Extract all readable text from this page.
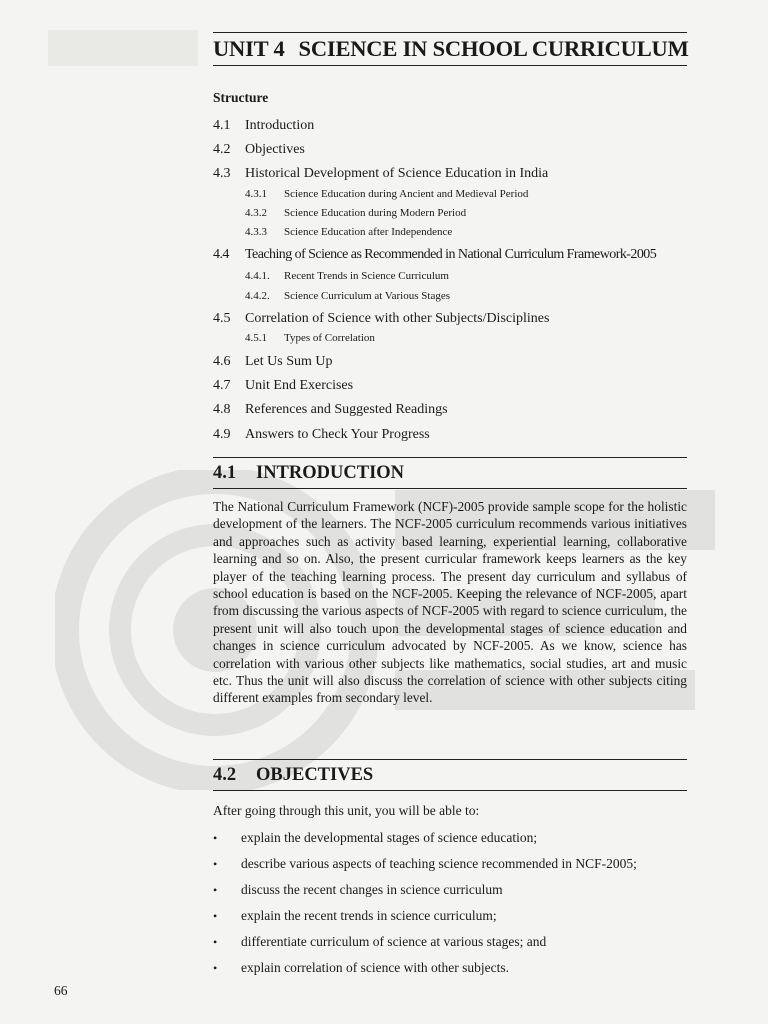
UNIT 4 SCIENCE IN SCHOOL CURRICULUM
Structure
4.1 Introduction
4.2 Objectives
4.3 Historical Development of Science Education in India
4.3.1 Science Education during Ancient and Medieval Period
4.3.2 Science Education during Modern Period
4.3.3 Science Education after Independence
4.4 Teaching of Science as Recommended in National Curriculum Framework-2005
4.4.1. Recent Trends in Science Curriculum
4.4.2. Science Curriculum at Various Stages
4.5 Correlation of Science with other Subjects/Disciplines
4.5.1 Types of Correlation
4.6 Let Us Sum Up
4.7 Unit End Exercises
4.8 References and Suggested Readings
4.9 Answers to Check Your Progress
4.1 INTRODUCTION

The National Curriculum Framework (NCF)-2005 provide sample scope for the holistic development of the learners. The NCF-2005 curriculum recommends various initiatives and approaches such as activity based learning, experiential learning, collaborative learning and so on. Also, the present curricular framework keeps learners as the key player of the teaching learning process. The present day curriculum and syllabus of school education is based on the NCF-2005. Keeping the relevance of NCF-2005, apart from discussing the various aspects of NCF-2005 with regard to science curriculum, the present unit will also touch upon the developmental stages of science education and changes in science curriculum advocated by NCF-2005. As we know, science has correlation with various other subjects like mathematics, social studies, art and music etc. Thus the unit will also discuss the correlation of science with other subjects citing different examples from secondary level.

4.2 OBJECTIVES
After going through this unit, you will be able to:
• explain the developmental stages of science education;
• describe various aspects of teaching science recommended in NCF-2005;
• discuss the recent changes in science curriculum
• explain the recent trends in science curriculum;
• differentiate curriculum of science at various stages; and
• explain correlation of science with other subjects.
66
